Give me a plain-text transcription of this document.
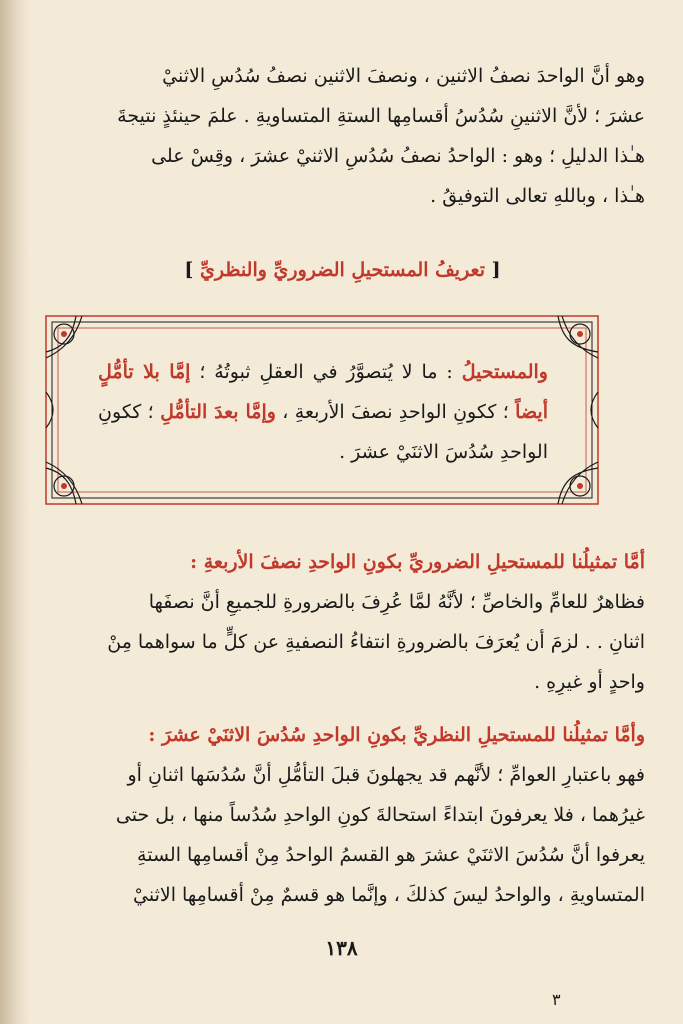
وهو أنَّ الواحدَ نصفُ الاثنين ، ونصفَ الاثنين نصفُ سُدُسِ الاثنيْ

عشرَ ؛ لأنَّ الاثنينِ سُدُسُ أقسامِها الستةِ المتساويةِ . علمَ حينئذٍ نتيجةَ

هـٰذا الدليلِ ؛ وهو : الواحدُ نصفُ سُدُسِ الاثنيْ عشرَ ، وقِسْ على

هـٰذا ، وباللهِ تعالى التوفيقُ .

[ تعريفُ المستحيلِ الضروريِّ والنظريِّ ]
والمستحيلُ : ما لا يُتصوَّرُ في العقلِ ثبوتُهُ ؛ إمَّا بلا تأمُّلٍ أيضاً ؛ ككونِ الواحدِ نصفَ الأربعةِ ، وإمَّا بعدَ التأمُّلِ ؛ ككونِ الواحدِ سُدُسَ الاثنَيْ عشرَ .
أمَّا تمثيلُنا للمستحيلِ الضروريِّ بكونِ الواحدِ نصفَ الأربعةِ :

فظاهرٌ للعامِّ والخاصِّ ؛ لأنَّهُ لمَّا عُرِفَ بالضرورةِ للجميعِ أنَّ نصفَها

اثنانِ . . لزمَ أن يُعرَفَ بالضرورةِ انتفاءُ النصفيةِ عن كلٍّ ما سواهما مِنْ

واحدٍ أو غيرِهِ .

وأمَّا تمثيلُنا للمستحيلِ النظريِّ بكونِ الواحدِ سُدُسَ الاثنَيْ عشرَ :

فهو باعتبارِ العوامِّ ؛ لأنَّهم قد يجهلونَ قبلَ التأمُّلِ أنَّ سُدُسَها اثنانِ أو

غيرُهما ، فلا يعرفونَ ابتداءً استحالةَ كونِ الواحدِ سُدُساً منها ، بل حتى

يعرفوا أنَّ سُدُسَ الاثنَيْ عشرَ هو القسمُ الواحدُ مِنْ أقسامِها الستةِ

المتساويةِ ، والواحدُ ليسَ كذلكَ ، وإنَّما هو قسمٌ مِنْ أقسامِها الاثنيْ

١٣٨
٣
